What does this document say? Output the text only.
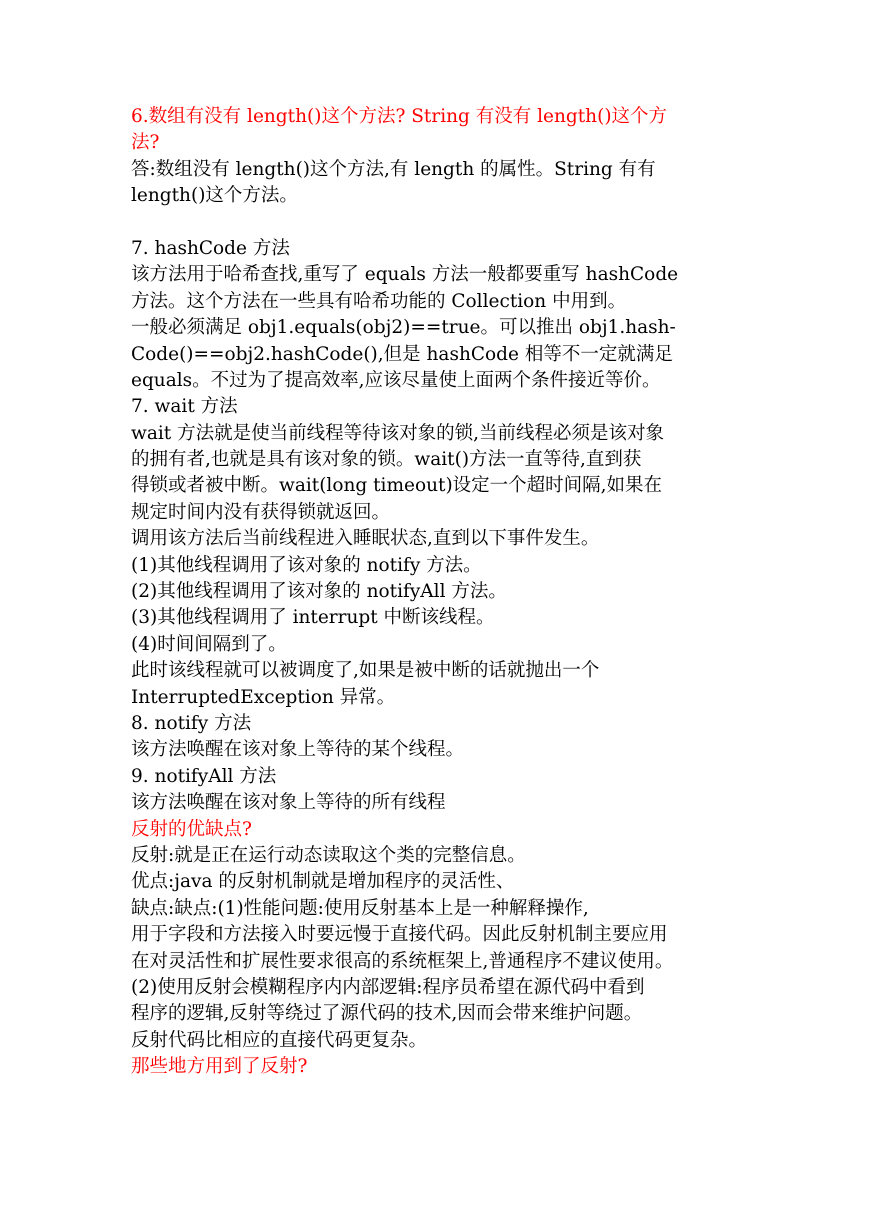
6.数组有没有 length()这个方法? String 有没有 length()这个方
法?
答:数组没有 length()这个方法,有 length 的属性。String 有有
length()这个方法。
7. hashCode 方法
该方法用于哈希查找,重写了 equals 方法一般都要重写 hashCode
方法。这个方法在一些具有哈希功能的 Collection 中用到。
一般必须满足 obj1.equals(obj2)==true。可以推出 obj1.hash-
Code()==obj2.hashCode(),但是 hashCode 相等不一定就满足
equals。不过为了提高效率,应该尽量使上面两个条件接近等价。
7. wait 方法
wait 方法就是使当前线程等待该对象的锁,当前线程必须是该对象
的拥有者,也就是具有该对象的锁。wait()方法一直等待,直到获
得锁或者被中断。wait(long timeout)设定一个超时间隔,如果在
规定时间内没有获得锁就返回。
调用该方法后当前线程进入睡眠状态,直到以下事件发生。
(1)其他线程调用了该对象的 notify 方法。
(2)其他线程调用了该对象的 notifyAll 方法。
(3)其他线程调用了 interrupt 中断该线程。
(4)时间间隔到了。
此时该线程就可以被调度了,如果是被中断的话就抛出一个
InterruptedException 异常。
8. notify 方法
该方法唤醒在该对象上等待的某个线程。
9. notifyAll 方法
该方法唤醒在该对象上等待的所有线程
反射的优缺点?
反射:就是正在运行动态读取这个类的完整信息。
优点:java 的反射机制就是增加程序的灵活性、
缺点:缺点:(1)性能问题:使用反射基本上是一种解释操作,
用于字段和方法接入时要远慢于直接代码。因此反射机制主要应用
在对灵活性和扩展性要求很高的系统框架上,普通程序不建议使用。
(2)使用反射会模糊程序内内部逻辑:程序员希望在源代码中看到
程序的逻辑,反射等绕过了源代码的技术,因而会带来维护问题。
反射代码比相应的直接代码更复杂。
那些地方用到了反射?
